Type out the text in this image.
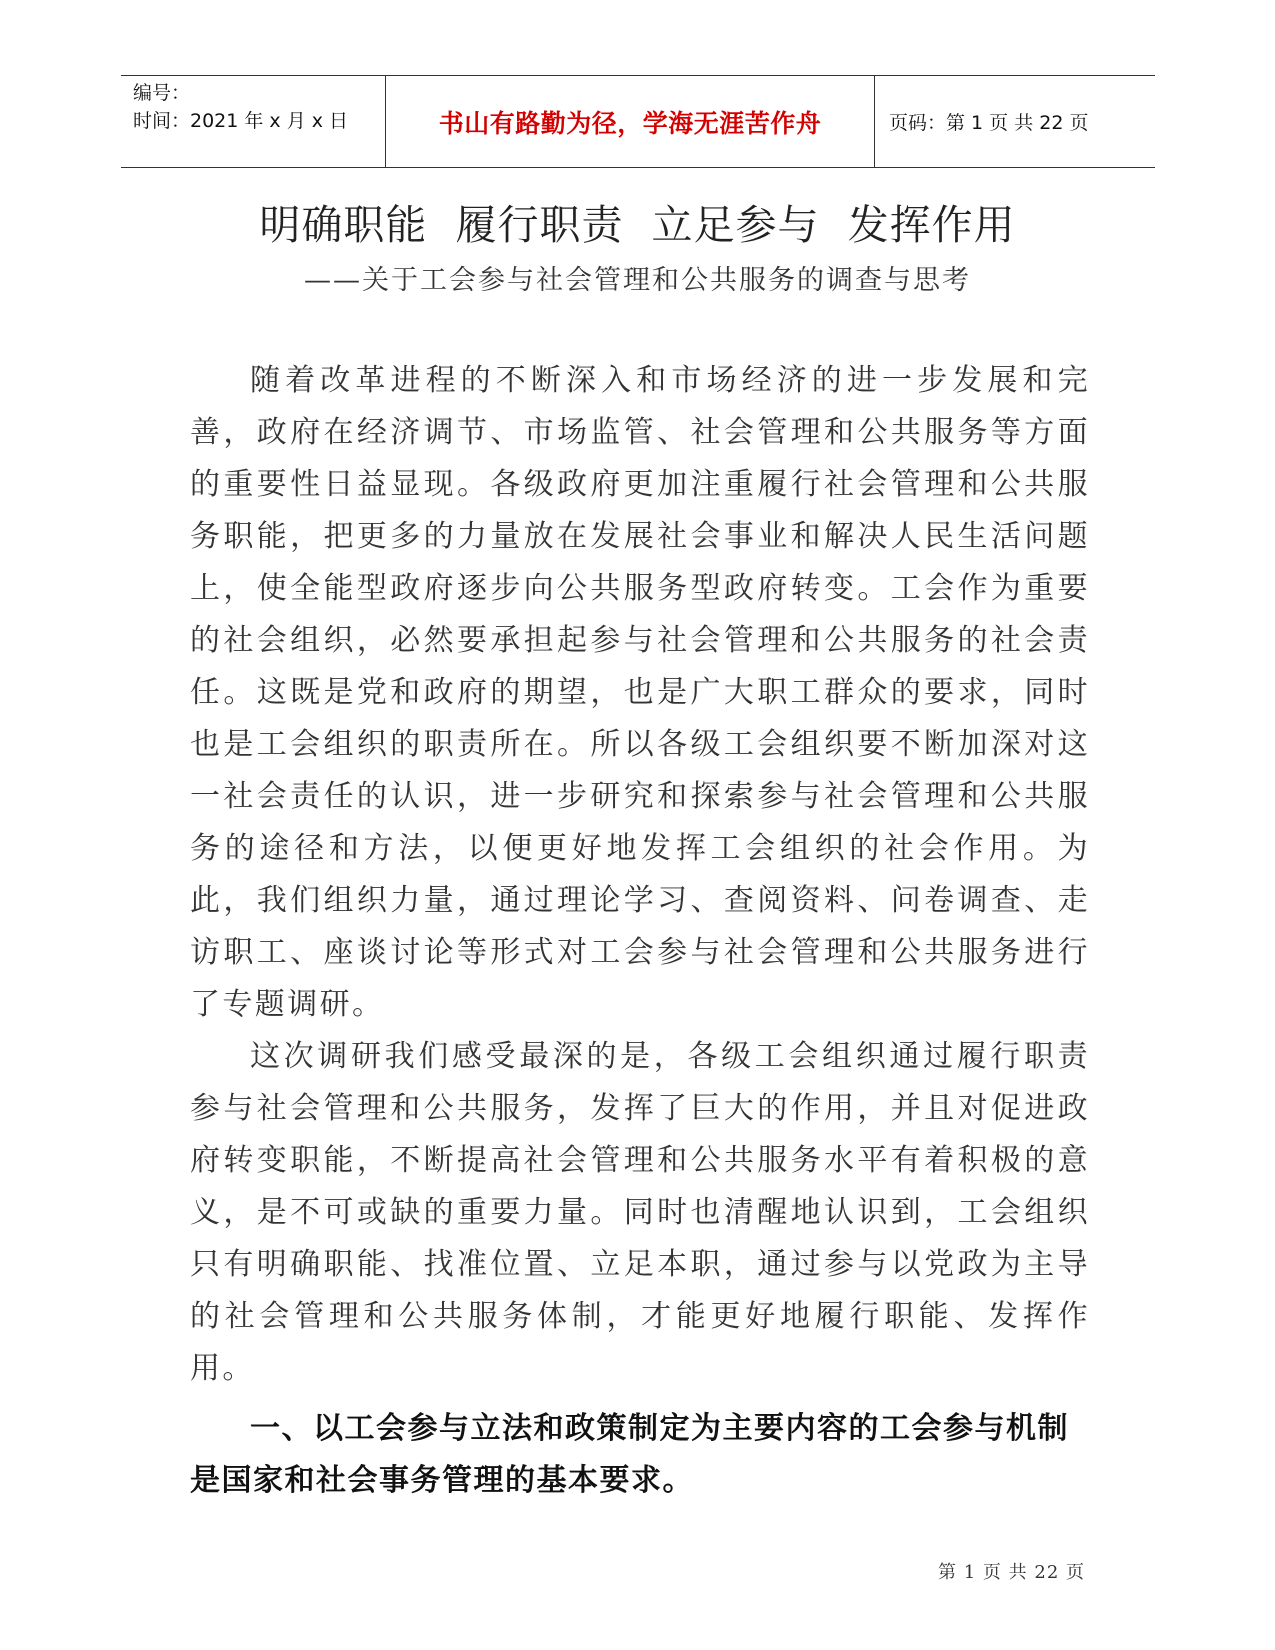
编号：
时间：2021 年 x 月 x 日	书山有路勤为径，学海无涯苦作舟	页码：第 1 页 共 22 页
明确职能  履行职责  立足参与  发挥作用
——关于工会参与社会管理和公共服务的调查与思考

随着改革进程的不断深入和市场经济的进一步发展和完善，政府在经济调节、市场监管、社会管理和公共服务等方面的重要性日益显现。各级政府更加注重履行社会管理和公共服务职能，把更多的力量放在发展社会事业和解决人民生活问题上，使全能型政府逐步向公共服务型政府转变。工会作为重要的社会组织，必然要承担起参与社会管理和公共服务的社会责任。这既是党和政府的期望，也是广大职工群众的要求，同时也是工会组织的职责所在。所以各级工会组织要不断加深对这一社会责任的认识，进一步研究和探索参与社会管理和公共服务的途径和方法，以便更好地发挥工会组织的社会作用。为此，我们组织力量，通过理论学习、查阅资料、问卷调查、走访职工、座谈讨论等形式对工会参与社会管理和公共服务进行了专题调研。

这次调研我们感受最深的是，各级工会组织通过履行职责参与社会管理和公共服务，发挥了巨大的作用，并且对促进政府转变职能，不断提高社会管理和公共服务水平有着积极的意义，是不可或缺的重要力量。同时也清醒地认识到，工会组织只有明确职能、找准位置、立足本职，通过参与以党政为主导的社会管理和公共服务体制，才能更好地履行职能、发挥作用。

一、以工会参与立法和政策制定为主要内容的工会参与机制是国家和社会事务管理的基本要求。
第 1 页 共 22 页
